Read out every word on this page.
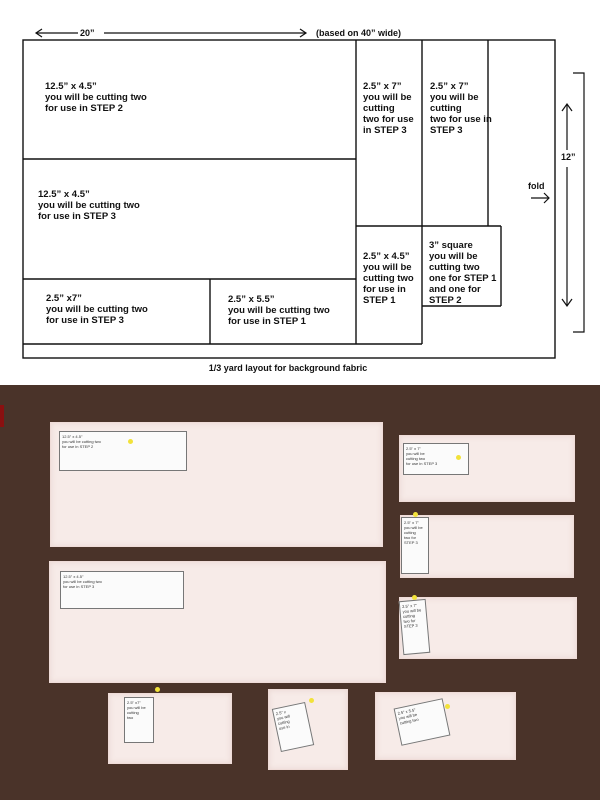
20”	(based on 40” wide)
12”
fold
12.5” x 4.5”
you will be cutting two
for use in STEP 2
12.5” x 4.5”
you will be cutting two
for use in STEP 3
2.5” x7”
you will be cutting two
for use in STEP 3
2.5” x 5.5”
you will be cutting two
for use in STEP 1
2.5” x 7”
you will be
cutting
two for use
in STEP 3
2.5” x 7”
you will be
cutting
two for use in
STEP 3
2.5” x 4.5”
you will be
cutting two
for use in
STEP 1
3” square
you will be
cutting two
one for STEP 1
and one for
STEP 2
1/3 yard layout for background fabric
12.5" x 4.5"
you will be cutting two
for use in STEP 2
12.5" x 4.5"
you will be cutting two
for use in STEP 3
2.5" x 7"
you will be
cutting two
for use in STEP 3
2.5" x 7"
you will be
cutting
two for
STEP 3
2.5" x 7"
you will be
cutting
two for
STEP 3
2.5" x7"
you will be
cutting
two
2.5" x
you will
cutting
use in
2.5" x 5.5"
you will be
cutting two
